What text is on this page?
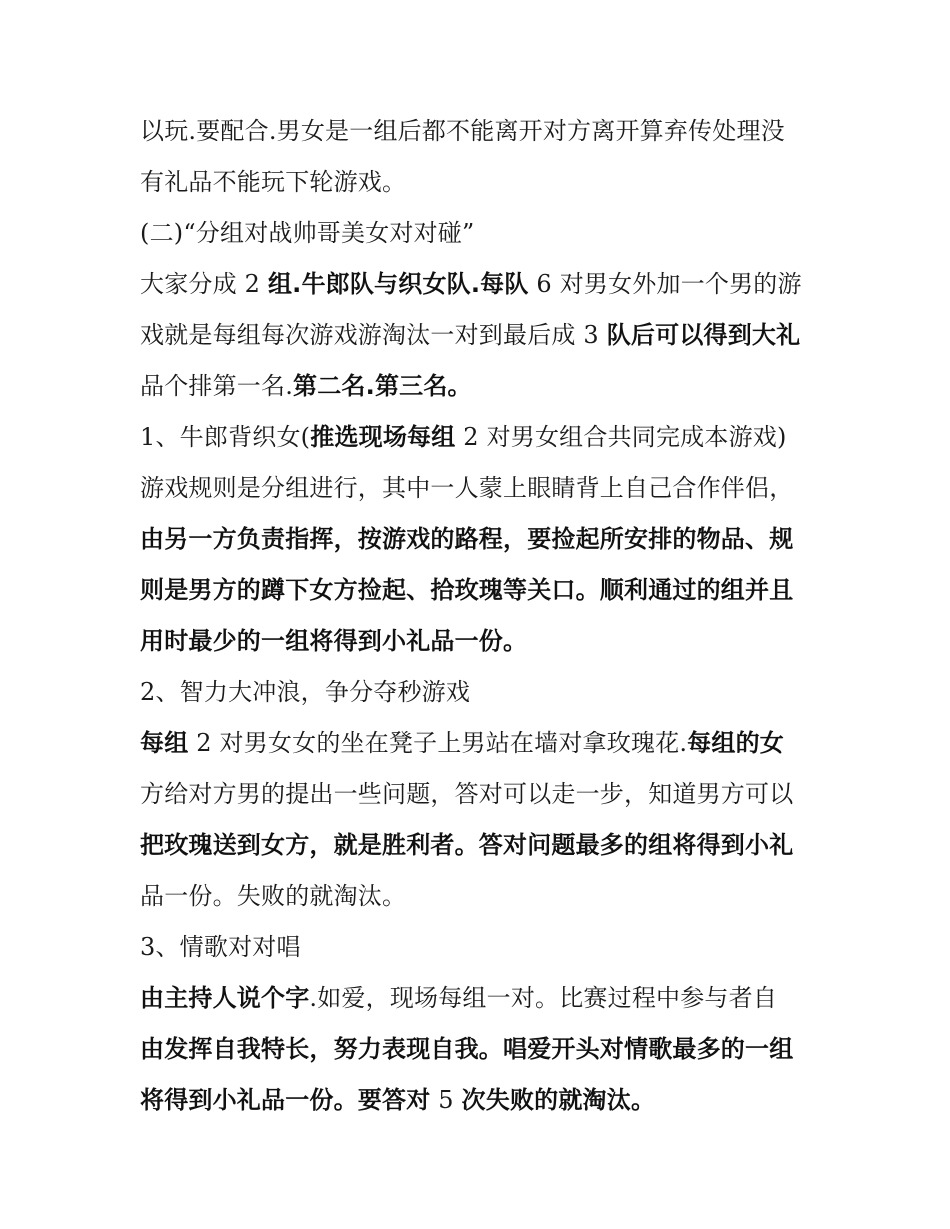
以玩.要配合.男女是一组后都不能离开对方离开算弃传处理没
有礼品不能玩下轮游戏。
(二)“分组对战帅哥美女对对碰”
大家分成 2 组.牛郎队与织女队.每队 6 对男女外加一个男的游
戏就是每组每次游戏游淘汰一对到最后成 3 队后可以得到大礼
品个排第一名.第二名.第三名。
1、牛郎背织女(推选现场每组 2 对男女组合共同完成本游戏)
游戏规则是分组进行，其中一人蒙上眼睛背上自己合作伴侣，
由另一方负责指挥，按游戏的路程，要捡起所安排的物品、规
则是男方的蹲下女方捡起、拾玫瑰等关口。顺利通过的组并且
用时最少的一组将得到小礼品一份。
2、智力大冲浪，争分夺秒游戏
每组 2 对男女女的坐在凳子上男站在墙对拿玫瑰花.每组的女
方给对方男的提出一些问题，答对可以走一步，知道男方可以
把玫瑰送到女方，就是胜利者。答对问题最多的组将得到小礼
品一份。失败的就淘汰。
3、情歌对对唱
由主持人说个字.如爱，现场每组一对。比赛过程中参与者自
由发挥自我特长，努力表现自我。唱爱开头对情歌最多的一组
将得到小礼品一份。要答对 5 次失败的就淘汰。
